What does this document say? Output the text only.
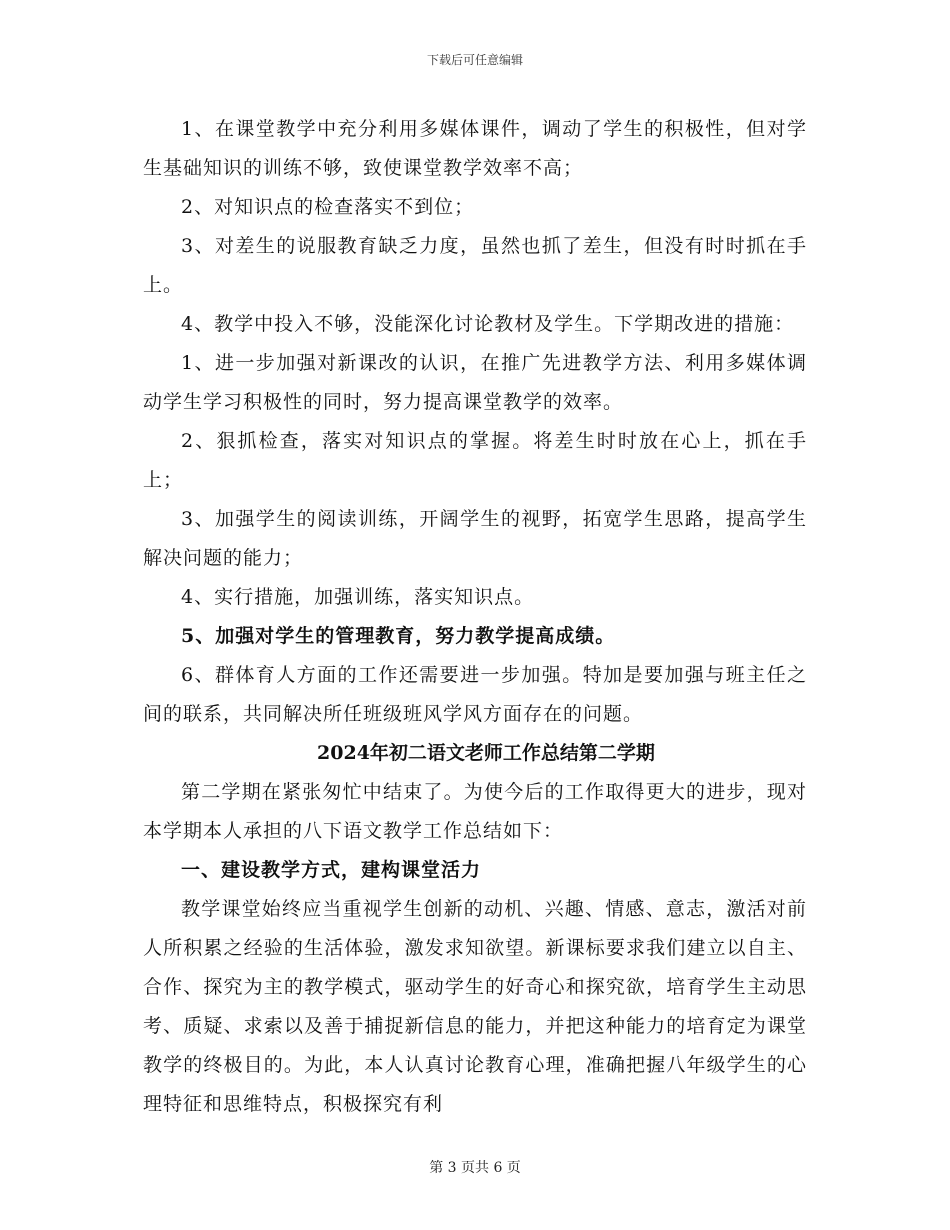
下载后可任意编辑

1、在课堂教学中充分利用多媒体课件，调动了学生的积极性，但对学生基础知识的训练不够，致使课堂教学效率不高；

2、对知识点的检查落实不到位；

3、对差生的说服教育缺乏力度，虽然也抓了差生，但没有时时抓在手上。

4、教学中投入不够，没能深化讨论教材及学生。下学期改进的措施：

1、进一步加强对新课改的认识，在推广先进教学方法、利用多媒体调动学生学习积极性的同时，努力提高课堂教学的效率。

2、狠抓检查，落实对知识点的掌握。将差生时时放在心上，抓在手上；

3、加强学生的阅读训练，开阔学生的视野，拓宽学生思路，提高学生解决问题的能力；

4、实行措施，加强训练，落实知识点。

5、加强对学生的管理教育，努力教学提高成绩。

6、群体育人方面的工作还需要进一步加强。特加是要加强与班主任之间的联系，共同解决所任班级班风学风方面存在的问题。

2024年初二语文老师工作总结第二学期

第二学期在紧张匆忙中结束了。为使今后的工作取得更大的进步，现对本学期本人承担的八下语文教学工作总结如下：

一、建设教学方式，建构课堂活力

教学课堂始终应当重视学生创新的动机、兴趣、情感、意志，激活对前人所积累之经验的生活体验，激发求知欲望。新课标要求我们建立以自主、合作、探究为主的教学模式，驱动学生的好奇心和探究欲，培育学生主动思考、质疑、求索以及善于捕捉新信息的能力，并把这种能力的培育定为课堂教学的终极目的。为此，本人认真讨论教育心理，准确把握八年级学生的心理特征和思维特点，积极探究有利

第 3 页共 6 页
